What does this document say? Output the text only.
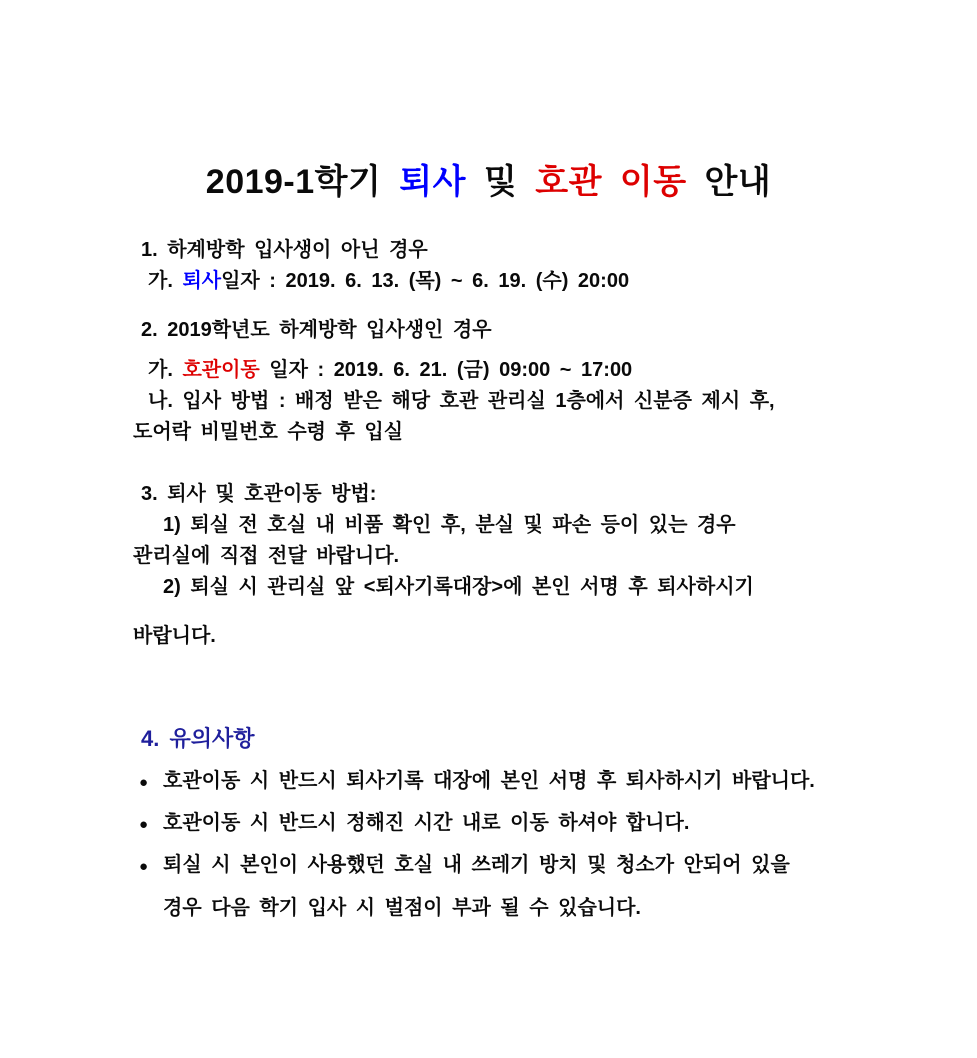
2019-1학기 퇴사 및 호관 이동 안내

1. 하계방학 입사생이 아닌 경우

가. 퇴사일자 : 2019. 6. 13. (목) ~ 6. 19. (수) 20:00

2. 2019학년도 하계방학 입사생인 경우

가. 호관이동 일자 : 2019. 6. 21. (금) 09:00 ~ 17:00

나. 입사 방법 : 배정 받은 해당 호관 관리실 1층에서 신분증 제시 후,

도어락 비밀번호 수령 후 입실

3. 퇴사 및 호관이동 방법:

1) 퇴실 전 호실 내 비품 확인 후, 분실 및 파손 등이 있는 경우

관리실에 직접 전달 바랍니다.

2) 퇴실 시 관리실 앞 <퇴사기록대장>에 본인 서명 후 퇴사하시기

바랍니다.

4. 유의사항

● 호관이동 시 반드시 퇴사기록 대장에 본인 서명 후 퇴사하시기 바랍니다.

● 호관이동 시 반드시 정해진 시간 내로 이동 하셔야 합니다.

● 퇴실 시 본인이 사용했던 호실 내 쓰레기 방치 및 청소가 안되어 있을

경우 다음 학기 입사 시 벌점이 부과 될 수 있습니다.
